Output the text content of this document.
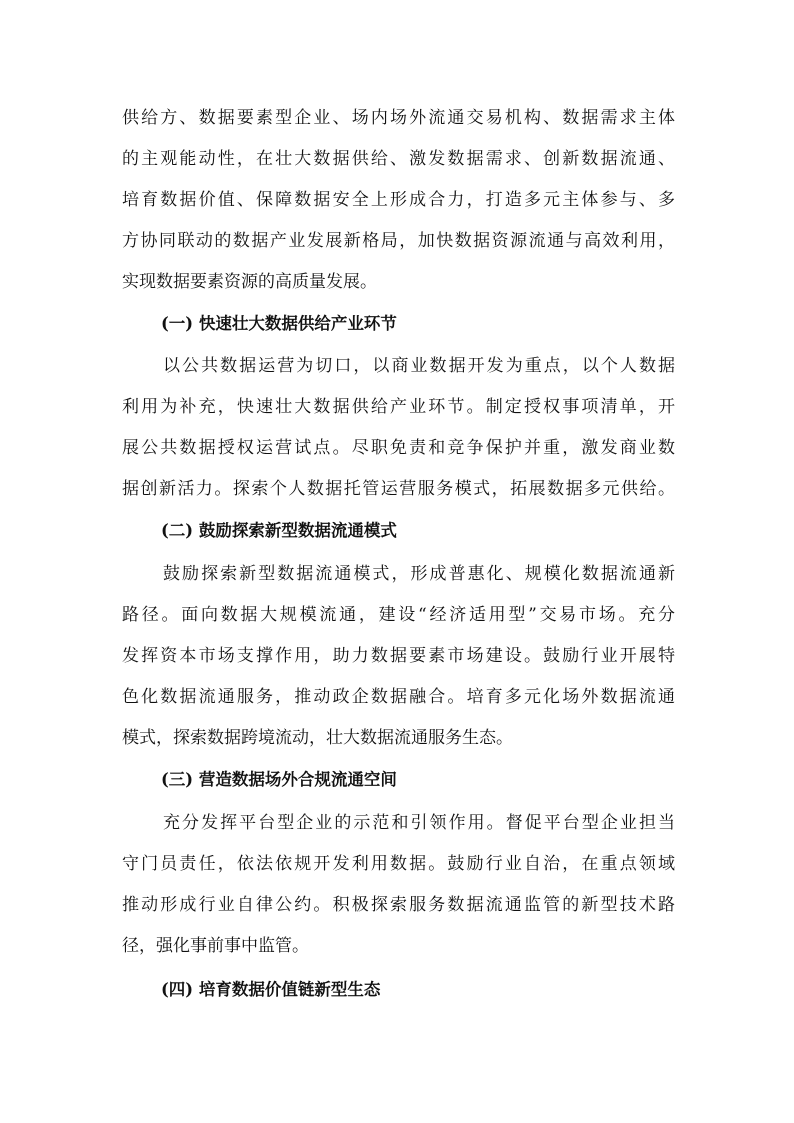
供给方、数据要素型企业、场内场外流通交易机构、数据需求主体
的主观能动性，在壮大数据供给、激发数据需求、创新数据流通、
培育数据价值、保障数据安全上形成合力，打造多元主体参与、多
方协同联动的数据产业发展新格局，加快数据资源流通与高效利用，
实现数据要素资源的高质量发展。
(一) 快速壮大数据供给产业环节
以公共数据运营为切口，以商业数据开发为重点，以个人数据
利用为补充，快速壮大数据供给产业环节。制定授权事项清单，开
展公共数据授权运营试点。尽职免责和竞争保护并重，激发商业数
据创新活力。探索个人数据托管运营服务模式，拓展数据多元供给。
(二) 鼓励探索新型数据流通模式
鼓励探索新型数据流通模式，形成普惠化、规模化数据流通新
路径。面向数据大规模流通，建设“经济适用型”交易市场。充分
发挥资本市场支撑作用，助力数据要素市场建设。鼓励行业开展特
色化数据流通服务，推动政企数据融合。培育多元化场外数据流通
模式，探索数据跨境流动，壮大数据流通服务生态。
(三) 营造数据场外合规流通空间
充分发挥平台型企业的示范和引领作用。督促平台型企业担当
守门员责任，依法依规开发利用数据。鼓励行业自治，在重点领域
推动形成行业自律公约。积极探索服务数据流通监管的新型技术路
径，强化事前事中监管。
(四) 培育数据价值链新型生态
